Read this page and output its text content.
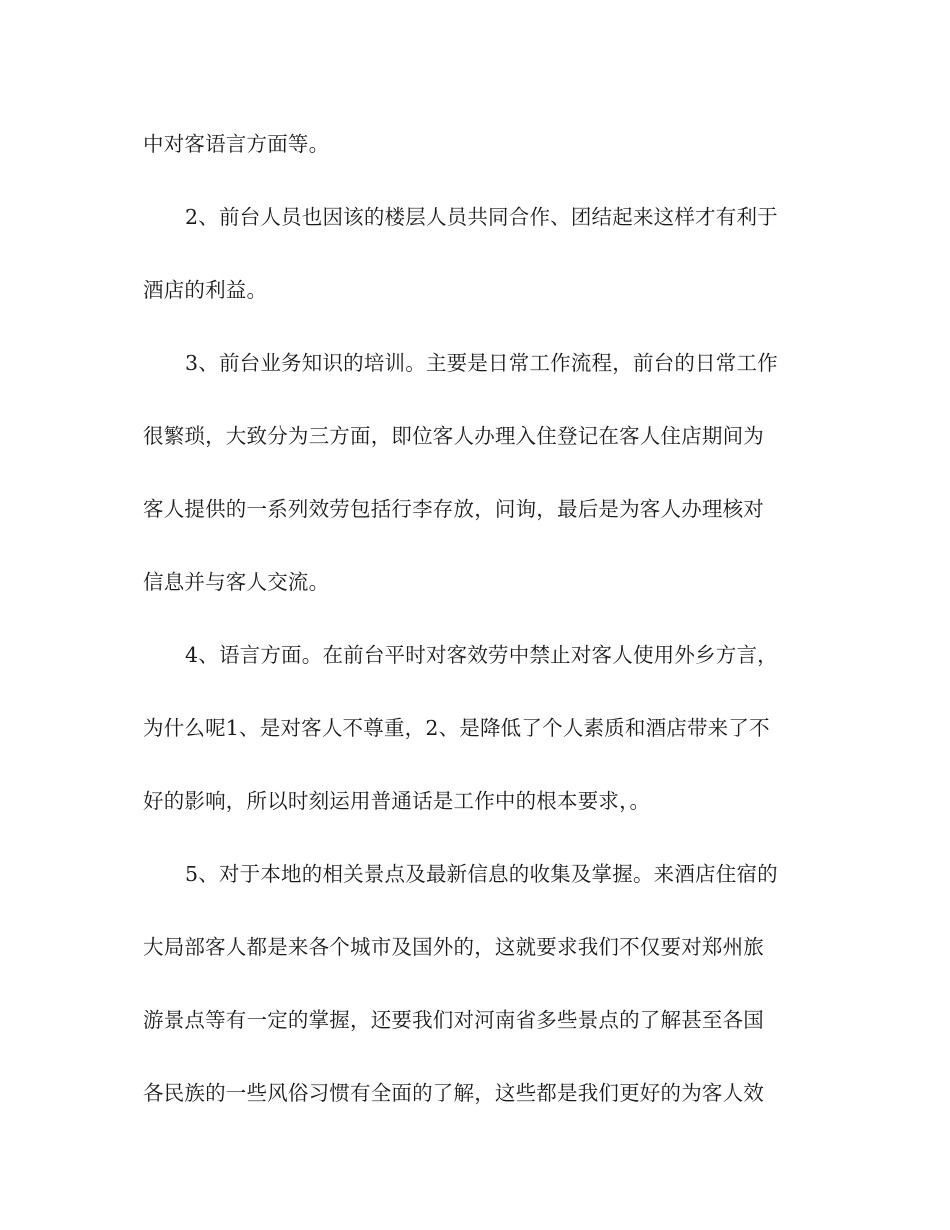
中对客语言方面等。
2、前台人员也因该的楼层人员共同合作、团结起来这样才有利于
酒店的利益。
3、前台业务知识的培训。主要是日常工作流程，前台的日常工作
很繁琐，大致分为三方面，即位客人办理入住登记在客人住店期间为
客人提供的一系列效劳包括行李存放，问询，最后是为客人办理核对
信息并与客人交流。
4、语言方面。在前台平时对客效劳中禁止对客人使用外乡方言，
为什么呢1、是对客人不尊重，2、是降低了个人素质和酒店带来了不
好的影响，所以时刻运用普通话是工作中的根本要求，。
5、对于本地的相关景点及最新信息的收集及掌握。来酒店住宿的
大局部客人都是来各个城市及国外的，这就要求我们不仅要对郑州旅
游景点等有一定的掌握，还要我们对河南省多些景点的了解甚至各国
各民族的一些风俗习惯有全面的了解，这些都是我们更好的为客人效
